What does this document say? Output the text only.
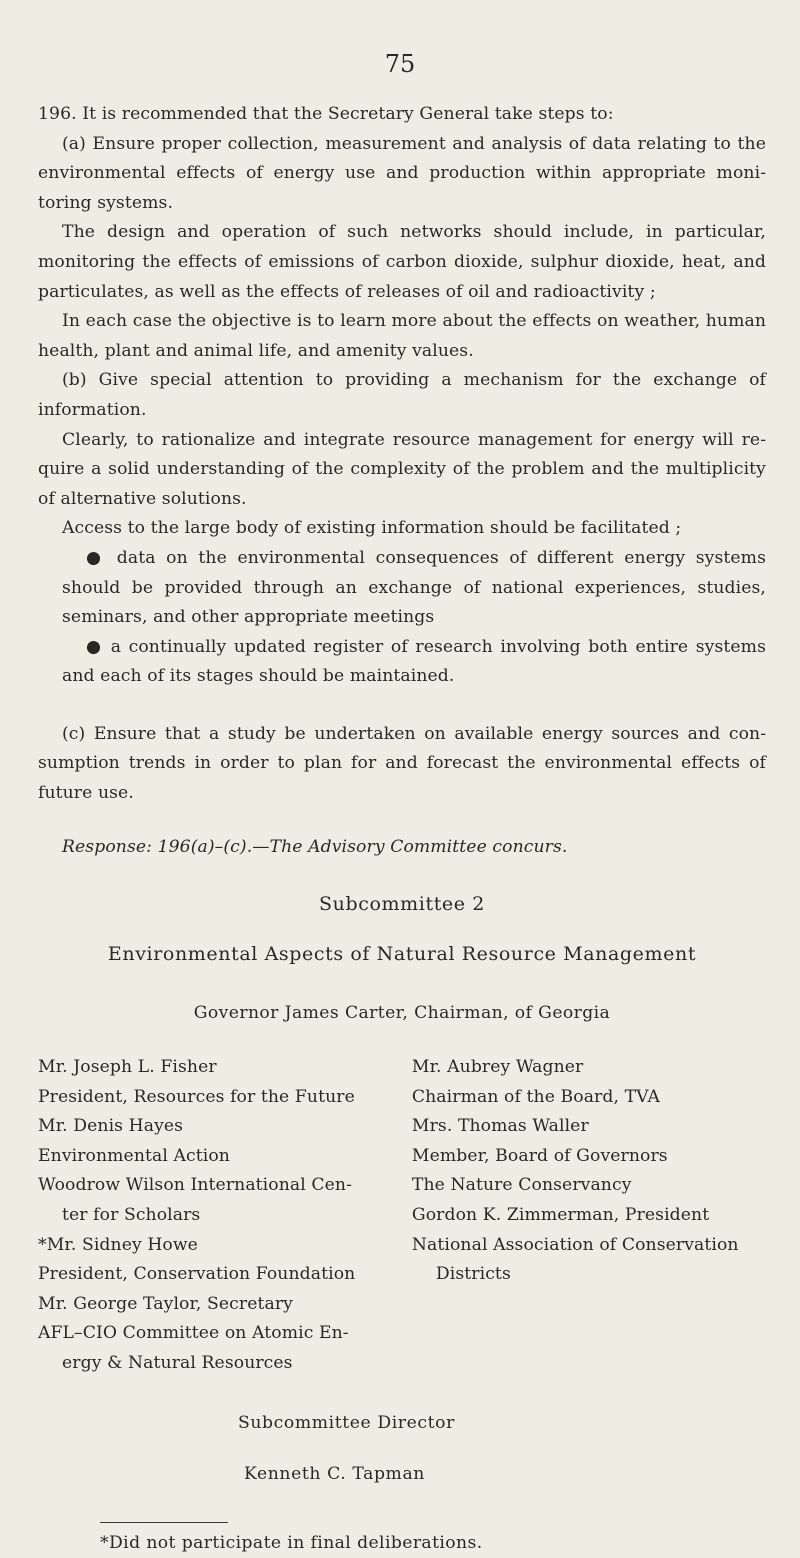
75

196. It is recommended that the Secretary General take steps to:

(a) Ensure proper collection, measurement and analysis of data relating to the environmental effects of energy use and production within appropriate monitoring systems.

The design and operation of such networks should include, in particular, monitoring the effects of emissions of carbon dioxide, sulphur dioxide, heat, and particulates, as well as the effects of releases of oil and radioactivity ;

In each case the objective is to learn more about the effects on weather, human health, plant and animal life, and amenity values.

(b) Give special attention to providing a mechanism for the exchange of information.

Clearly, to rationalize and integrate resource management for energy will require a solid understanding of the complexity of the problem and the multiplicity of alternative solutions.

Access to the large body of existing information should be facilitated ;

● data on the environmental consequences of different energy systems should be provided through an exchange of national experiences, studies, seminars, and other appropriate meetings

● a continually updated register of research involving both entire systems and each of its stages should be maintained.

(c) Ensure that a study be undertaken on available energy sources and consumption trends in order to plan for and forecast the environmental effects of future use.

Response: 196(a)–(c).—The Advisory Committee concurs.

Subcommittee 2

Environmental Aspects of Natural Resource Management

Governor James Carter, Chairman, of Georgia

Mr. Joseph L. Fisher
President, Resources for the Future
Mr. Denis Hayes
Environmental Action
Woodrow Wilson International Cen-
ter for Scholars
*Mr. Sidney Howe
President, Conservation Foundation
Mr. George Taylor, Secretary
AFL–CIO Committee on Atomic En-
ergy & Natural Resources
Mr. Aubrey Wagner
Chairman of the Board, TVA
Mrs. Thomas Waller
Member, Board of Governors
The Nature Conservancy
Gordon K. Zimmerman, President
National Association of Conservation
Districts

Subcommittee Director

Kenneth C. Tapman

*Did not participate in final deliberations.
